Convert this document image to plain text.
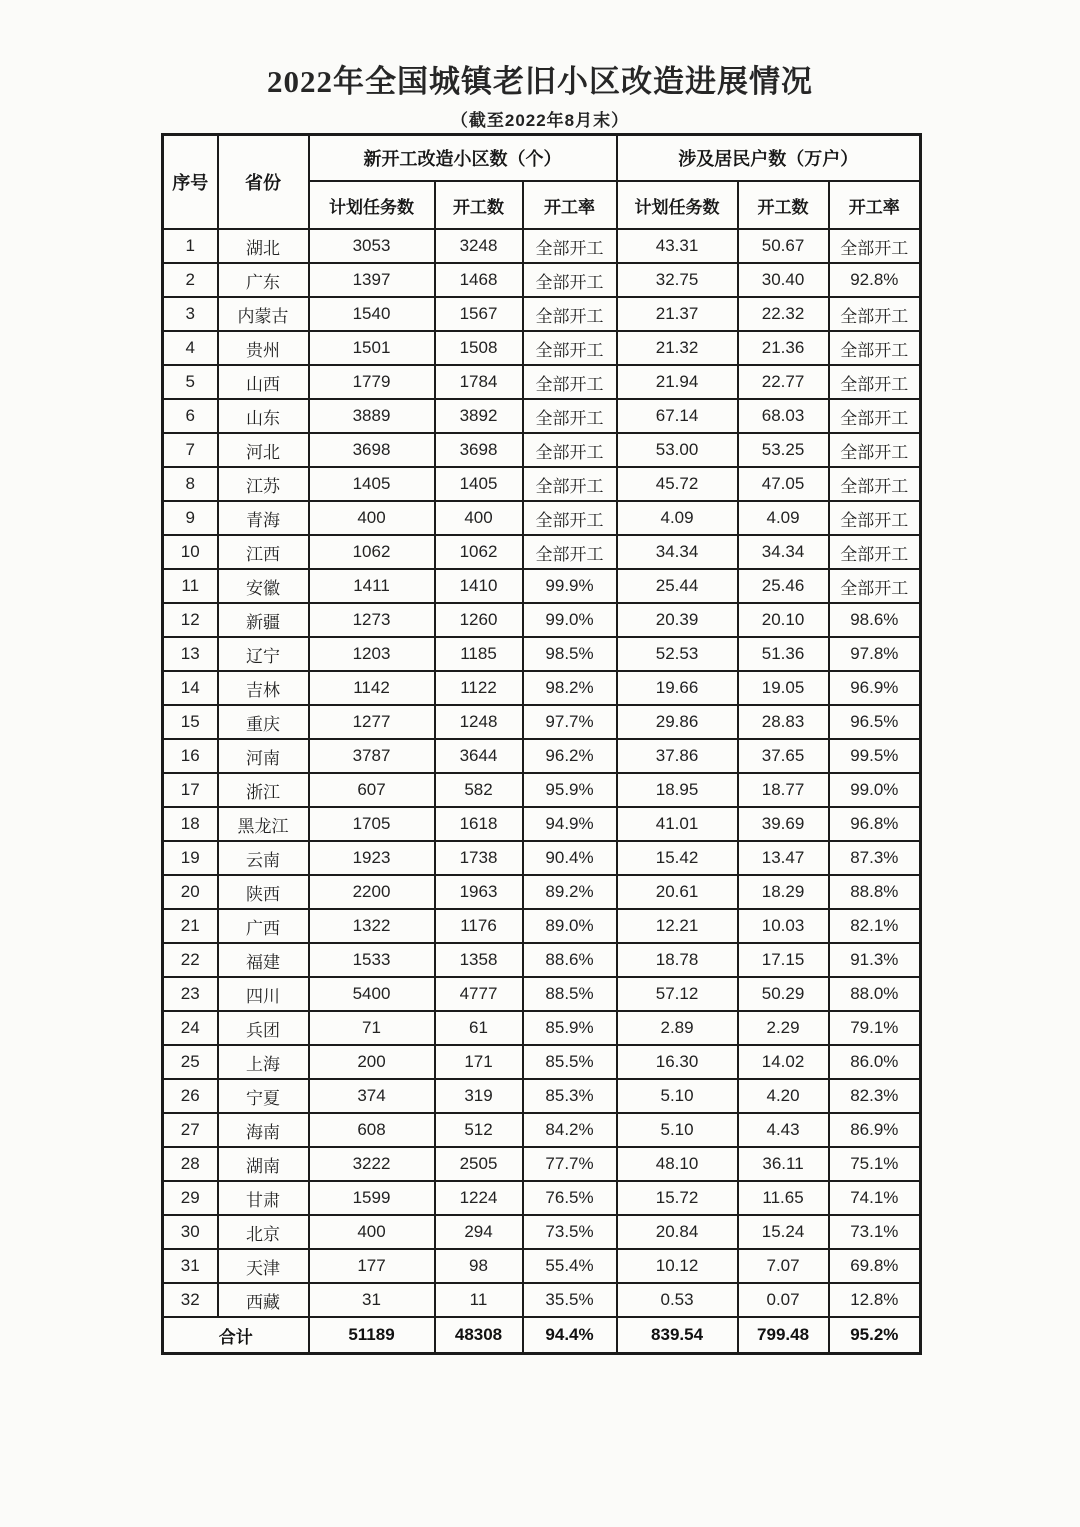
2022年全国城镇老旧小区改造进展情况
（截至2022年8月末）
序号	省份	新开工改造小区数（个）			涉及居民户数（万户）		
		计划任务数	开工数	开工率	计划任务数	开工数	开工率
1	湖北	3053	3248	全部开工	43.31	50.67	全部开工
2	广东	1397	1468	全部开工	32.75	30.40	92.8%
3	内蒙古	1540	1567	全部开工	21.37	22.32	全部开工
4	贵州	1501	1508	全部开工	21.32	21.36	全部开工
5	山西	1779	1784	全部开工	21.94	22.77	全部开工
6	山东	3889	3892	全部开工	67.14	68.03	全部开工
7	河北	3698	3698	全部开工	53.00	53.25	全部开工
8	江苏	1405	1405	全部开工	45.72	47.05	全部开工
9	青海	400	400	全部开工	4.09	4.09	全部开工
10	江西	1062	1062	全部开工	34.34	34.34	全部开工
11	安徽	1411	1410	99.9%	25.44	25.46	全部开工
12	新疆	1273	1260	99.0%	20.39	20.10	98.6%
13	辽宁	1203	1185	98.5%	52.53	51.36	97.8%
14	吉林	1142	1122	98.2%	19.66	19.05	96.9%
15	重庆	1277	1248	97.7%	29.86	28.83	96.5%
16	河南	3787	3644	96.2%	37.86	37.65	99.5%
17	浙江	607	582	95.9%	18.95	18.77	99.0%
18	黑龙江	1705	1618	94.9%	41.01	39.69	96.8%
19	云南	1923	1738	90.4%	15.42	13.47	87.3%
20	陕西	2200	1963	89.2%	20.61	18.29	88.8%
21	广西	1322	1176	89.0%	12.21	10.03	82.1%
22	福建	1533	1358	88.6%	18.78	17.15	91.3%
23	四川	5400	4777	88.5%	57.12	50.29	88.0%
24	兵团	71	61	85.9%	2.89	2.29	79.1%
25	上海	200	171	85.5%	16.30	14.02	86.0%
26	宁夏	374	319	85.3%	5.10	4.20	82.3%
27	海南	608	512	84.2%	5.10	4.43	86.9%
28	湖南	3222	2505	77.7%	48.10	36.11	75.1%
29	甘肃	1599	1224	76.5%	15.72	11.65	74.1%
30	北京	400	294	73.5%	20.84	15.24	73.1%
31	天津	177	98	55.4%	10.12	7.07	69.8%
32	西藏	31	11	35.5%	0.53	0.07	12.8%
合计		51189	48308	94.4%	839.54	799.48	95.2%
